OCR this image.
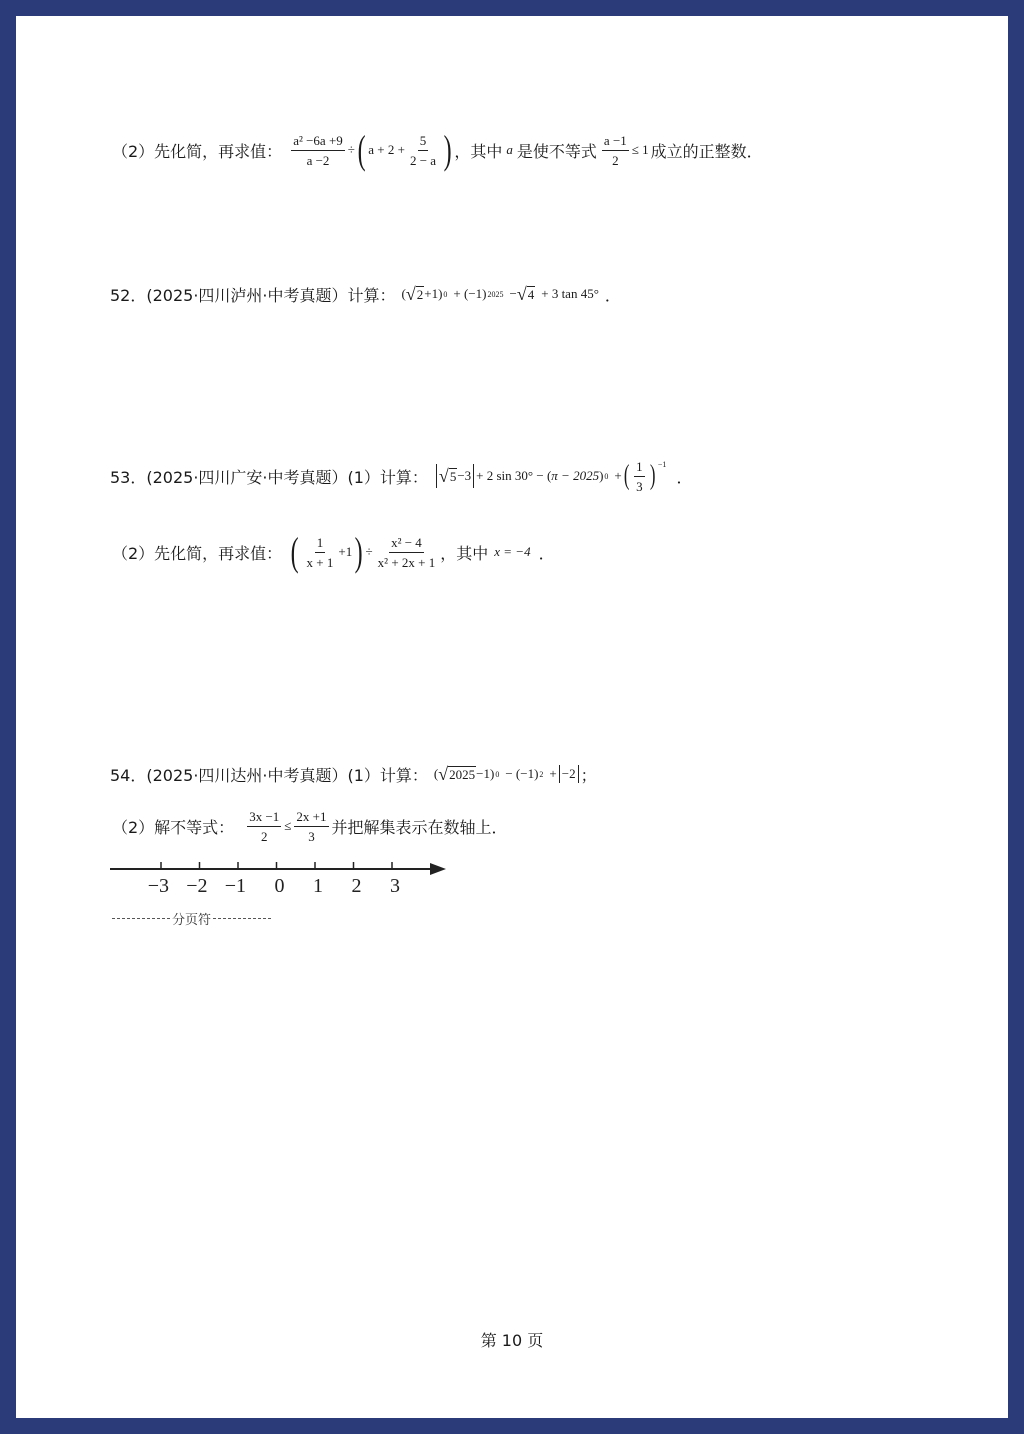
（2）先化简，再求值： $\frac{\text{a² −6a +9}}{a -2}$ ÷ ( $a + 2 + \frac{5}{2 - a}$ ) ，其中 a 是使不等式 $\frac{a -1}{2} \le 1$ 成立的正整数．
52．(2025·四川泸州·中考真题）计算： ( √ 2 +1 ) 0 + (−1) 2025 − √ 4 + 3 tan 45° ．
53．(2025·四川广安·中考真题）(1）计算： √ 5 −3 + 2 sin 30° − ( π − 2025 ) 0 + ( $\frac{1}{3}$ ) $^{-1}$
．
（2）先化简，再求值： ( $\frac{1}{x + 1} +1$ ) ÷ $\frac{\text{x² − 4}}{\text{x² + 2x + 1}}$ ，其中 x = −4 ．
54．(2025·四川达州·中考真题）(1）计算： ( √ 2025 −1 ) 0 − (−1) 2 + −2 ；
（2）解不等式： $\frac{3x -1}{2} \le \frac{2x +1}{3}$ 并把解集表示在数轴上．
−3 −2 −1 0 1 2 3
分页符
第 10 页
